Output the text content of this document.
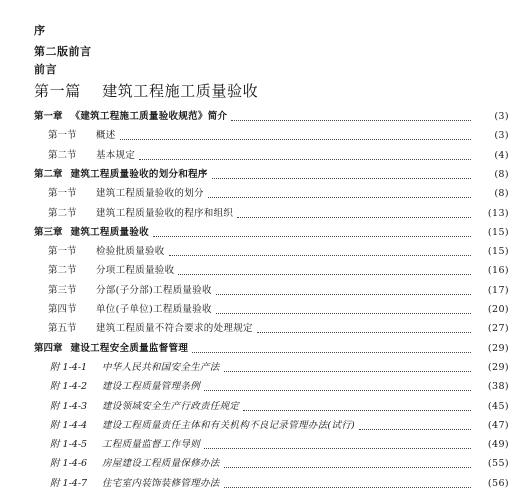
序
第二版前言
前言
第一篇 建筑工程施工质量验收
第一章 《建筑工程施工质量验收规范》简介	(3)
第一节	概述	(3)
第二节	基本规定	(4)
第二章 建筑工程质量验收的划分和程序	(8)
第一节	建筑工程质量验收的划分	(8)
第二节	建筑工程质量验收的程序和组织	(13)
第三章 建筑工程质量验收	(15)
第一节	检验批质量验收	(15)
第二节	分项工程质量验收	(16)
第三节	分部(子分部)工程质量验收	(17)
第四节	单位(子单位)工程质量验收	(20)
第五节	建筑工程质量不符合要求的处理规定	(27)
第四章 建设工程安全质量监督管理	(29)
附 1-4-1	中华人民共和国安全生产法	(29)
附 1-4-2	建设工程质量管理条例	(38)
附 1-4-3	建设领域安全生产行政责任规定	(45)
附 1-4-4	建设工程质量责任主体和有关机构不良记录管理办法(试行)	(47)
附 1-4-5	工程质量监督工作导则	(49)
附 1-4-6	房屋建设工程质量保修办法	(55)
附 1-4-7	住宅室内装饰装修管理办法	(56)
